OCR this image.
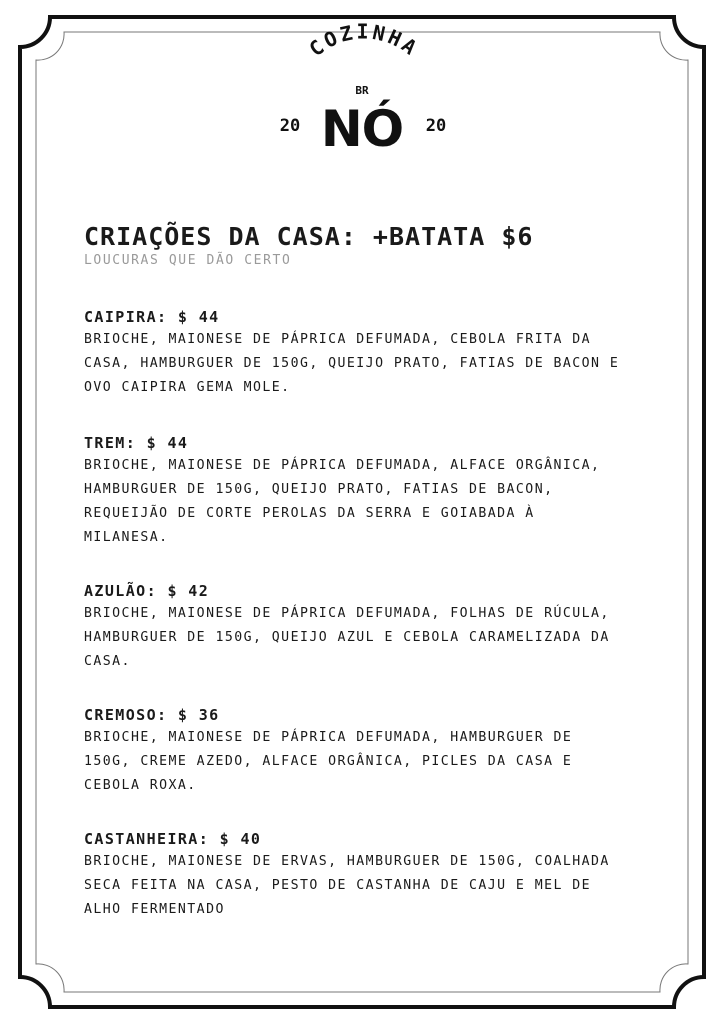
COZINHA
BR
NÓ
20	20
CRIAÇÕES DA CASA: +BATATA $6

LOUCURAS QUE DÃO CERTO

CAIPIRA: $ 44

BRIOCHE, MAIONESE DE PÁPRICA DEFUMADA, CEBOLA FRITA DA

CASA, HAMBURGUER DE 150G, QUEIJO PRATO, FATIAS DE BACON E

OVO CAIPIRA GEMA MOLE.

TREM: $ 44

BRIOCHE, MAIONESE DE PÁPRICA DEFUMADA, ALFACE ORGÂNICA,

HAMBURGUER DE 150G, QUEIJO PRATO, FATIAS DE BACON,

REQUEIJÃO DE CORTE PEROLAS DA SERRA E GOIABADA À

MILANESA.

AZULÃO: $ 42

BRIOCHE, MAIONESE DE PÁPRICA DEFUMADA, FOLHAS DE RÚCULA,

HAMBURGUER DE 150G, QUEIJO AZUL E CEBOLA CARAMELIZADA DA

CASA.

CREMOSO: $ 36

BRIOCHE, MAIONESE DE PÁPRICA DEFUMADA, HAMBURGUER DE

150G, CREME AZEDO, ALFACE ORGÂNICA, PICLES DA CASA E

CEBOLA ROXA.

CASTANHEIRA: $ 40

BRIOCHE, MAIONESE DE ERVAS, HAMBURGUER DE 150G, COALHADA

SECA FEITA NA CASA, PESTO DE CASTANHA DE CAJU E MEL DE

ALHO FERMENTADO
